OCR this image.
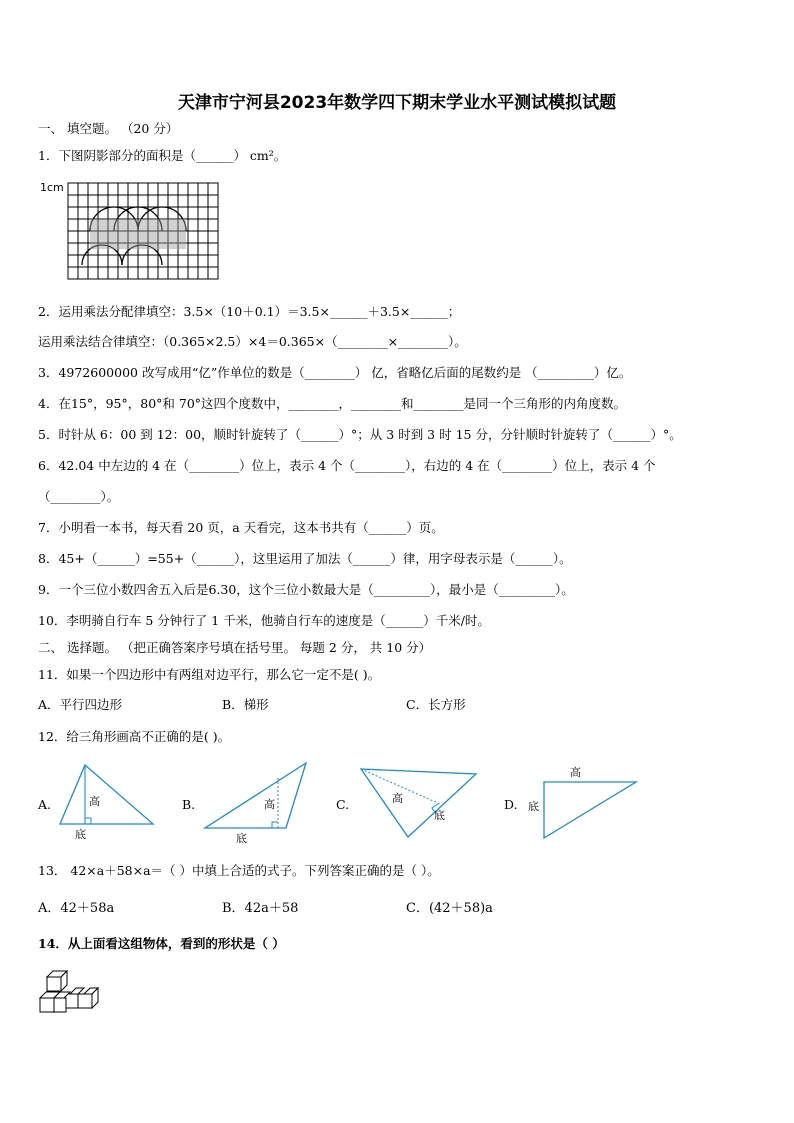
天津市宁河县2023年数学四下期末学业水平测试模拟试题
一、 填空题。 （20 分）
1．下图阴影部分的面积是（______） cm²。
1cm
2．运用乘法分配律填空：3.5×（10＋0.1）＝3.5×______＋3.5×______；
运用乘法结合律填空：（0.365×2.5）×4＝0.365×（________×________）。
3．4972600000 改写成用“亿”作单位的数是（________） 亿，省略亿后面的尾数约是 （_________）亿。
4．在15°，95°，80°和 70°这四个度数中，________，________和________是同一个三角形的内角度数。
5．时针从 6：00 到 12：00，顺时针旋转了（______）°；从 3 时到 3 时 15 分，分针顺时针旋转了（______）°。
6．42.04 中左边的 4 在（________）位上，表示 4 个（________），右边的 4 在（________）位上，表示 4 个
（________）。
7．小明看一本书，每天看 20 页，a 天看完，这本书共有（______）页。
8．45+（______）=55+（______），这里运用了加法（______）律，用字母表示是（______）。
9．一个三位小数四舍五入后是6.30，这个三位小数最大是（_________），最小是（_________）。
10．李明骑自行车 5 分钟行了 1 千米，他骑自行车的速度是（______）千米/时。
二、 选择题。 （把正确答案序号填在括号里。 每题 2 分， 共 10 分）
11．如果一个四边形中有两组对边平行，那么它一定不是( )。
A．平行四边形	B．梯形	C．长方形
12．给三角形画高不正确的是( )。
A.	B.	C.	D.
高
底
高
底
高
底
高
底
13． 42×a＋58×a＝（ ）中填上合适的式子。下列答案正确的是（ ）。
A．42＋58a	B．42a＋58	C．(42＋58)a
14．从上面看这组物体，看到的形状是（ ）
